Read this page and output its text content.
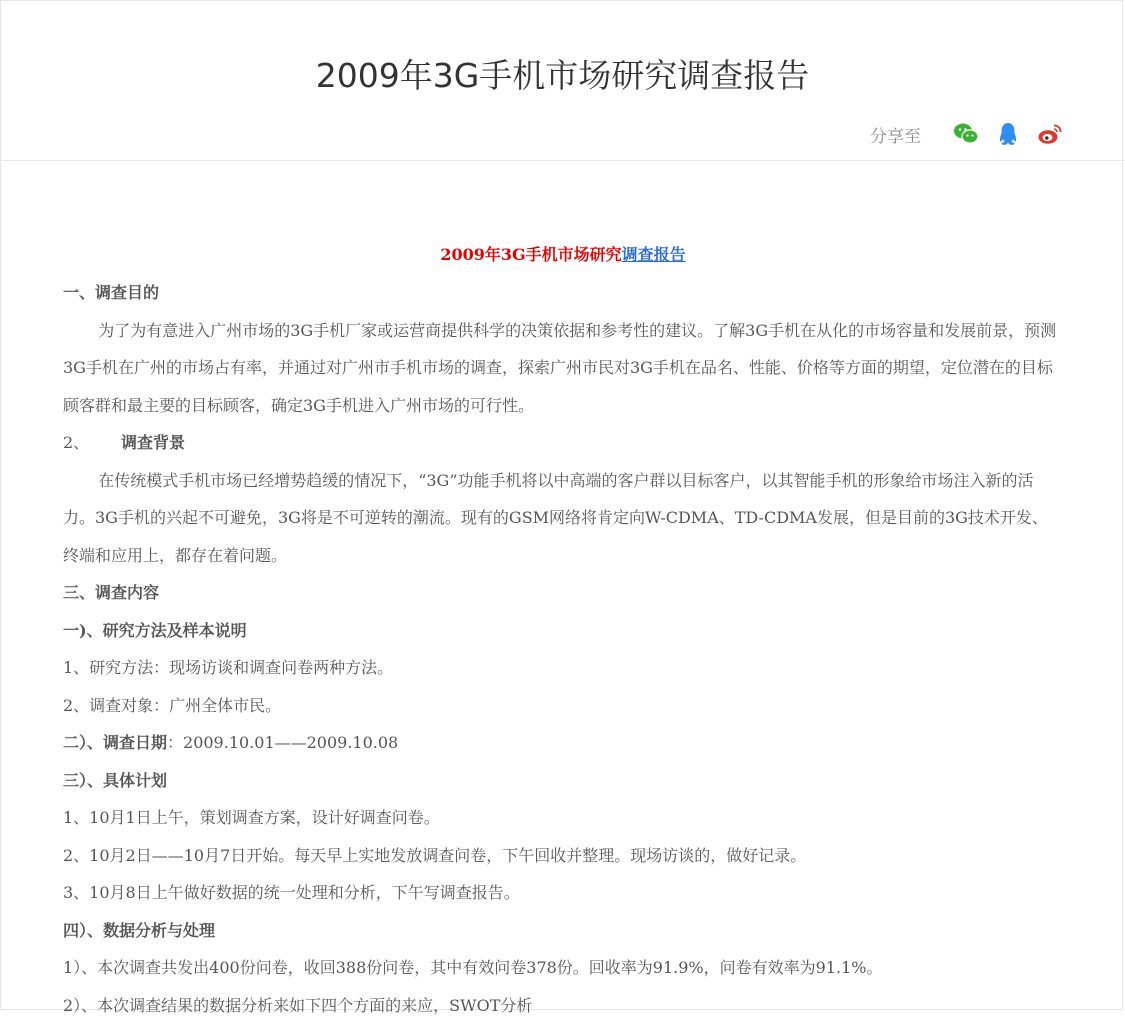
2009年3G手机市场研究调查报告
分享至

2009年3G手机市场研究调查报告

一、调查目的

为了为有意进入广州市场的3G手机厂家或运营商提供科学的决策依据和参考性的建议。了解3G手机在从化的市场容量和发展前景，预测3G手机在广州的市场占有率，并通过对广州市手机市场的调查，探索广州市民对3G手机在品名、性能、价格等方面的期望，定位潜在的目标顾客群和最主要的目标顾客，确定3G手机进入广州市场的可行性。

2、 调查背景

在传统模式手机市场已经增势趋缓的情况下，“3G”功能手机将以中高端的客户群以目标客户，以其智能手机的形象给市场注入新的活力。3G手机的兴起不可避免，3G将是不可逆转的潮流。现有的GSM网络将肯定向W-CDMA、TD-CDMA发展，但是目前的3G技术开发、终端和应用上，都存在着问题。

三、调查内容

一)、研究方法及样本说明

1、研究方法：现场访谈和调查问卷两种方法。

2、调查对象：广州全体市民。

二）、调查日期：2009.10.01——2009.10.08

三）、具体计划

1、10月1日上午，策划调查方案，设计好调查问卷。

2、10月2日——10月7日开始。每天早上实地发放调查问卷，下午回收并整理。现场访谈的，做好记录。

3、10月8日上午做好数据的统一处理和分析，下午写调查报告。

四）、数据分析与处理

1）、本次调查共发出400份问卷，收回388份问卷，其中有效问卷378份。回收率为91.9%，问卷有效率为91.1%。

2）、本次调查结果的数据分析来如下四个方面的来应，SWOT分析
